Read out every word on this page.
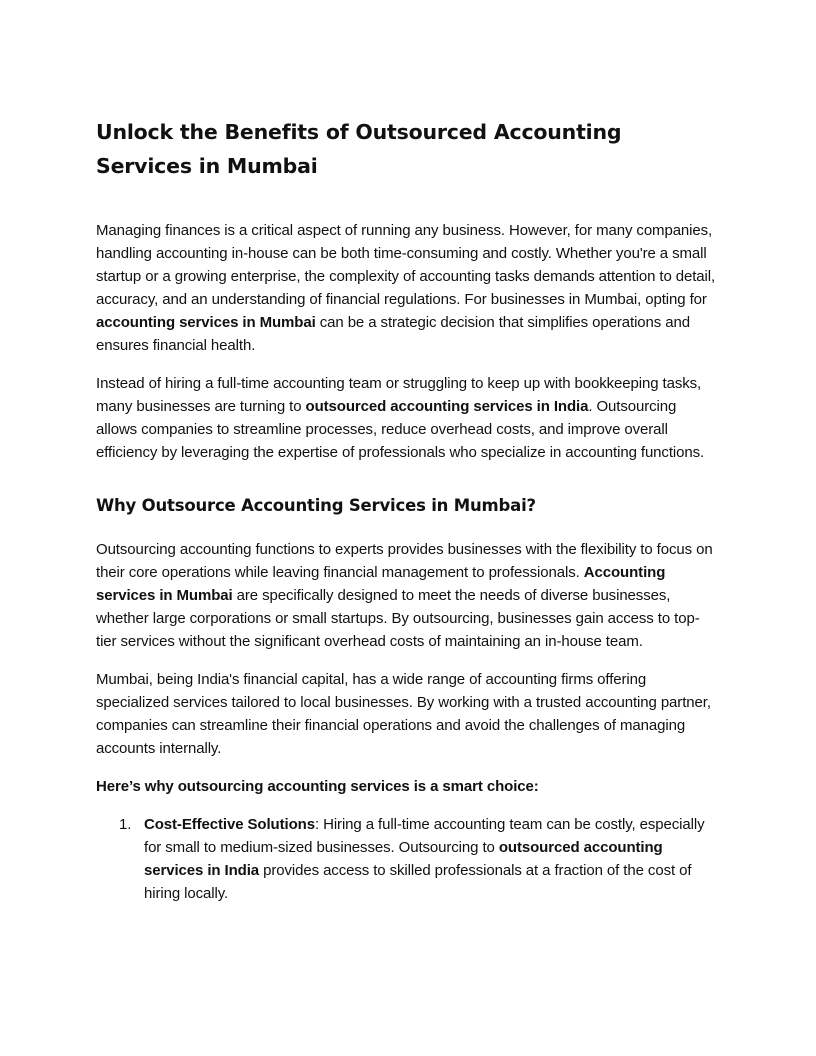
Unlock the Benefits of Outsourced Accounting Services in Mumbai

Managing finances is a critical aspect of running any business. However, for many companies, handling accounting in-house can be both time-consuming and costly. Whether you're a small startup or a growing enterprise, the complexity of accounting tasks demands attention to detail, accuracy, and an understanding of financial regulations. For businesses in Mumbai, opting for accounting services in Mumbai can be a strategic decision that simplifies operations and ensures financial health.

Instead of hiring a full-time accounting team or struggling to keep up with bookkeeping tasks, many businesses are turning to outsourced accounting services in India. Outsourcing allows companies to streamline processes, reduce overhead costs, and improve overall efficiency by leveraging the expertise of professionals who specialize in accounting functions.

Why Outsource Accounting Services in Mumbai?

Outsourcing accounting functions to experts provides businesses with the flexibility to focus on their core operations while leaving financial management to professionals. Accounting services in Mumbai are specifically designed to meet the needs of diverse businesses, whether large corporations or small startups. By outsourcing, businesses gain access to top-tier services without the significant overhead costs of maintaining an in-house team.

Mumbai, being India's financial capital, has a wide range of accounting firms offering specialized services tailored to local businesses. By working with a trusted accounting partner, companies can streamline their financial operations and avoid the challenges of managing accounts internally.

Here’s why outsourcing accounting services is a smart choice:

1. Cost-Effective Solutions: Hiring a full-time accounting team can be costly, especially for small to medium-sized businesses. Outsourcing to outsourced accounting services in India provides access to skilled professionals at a fraction of the cost of hiring locally.
